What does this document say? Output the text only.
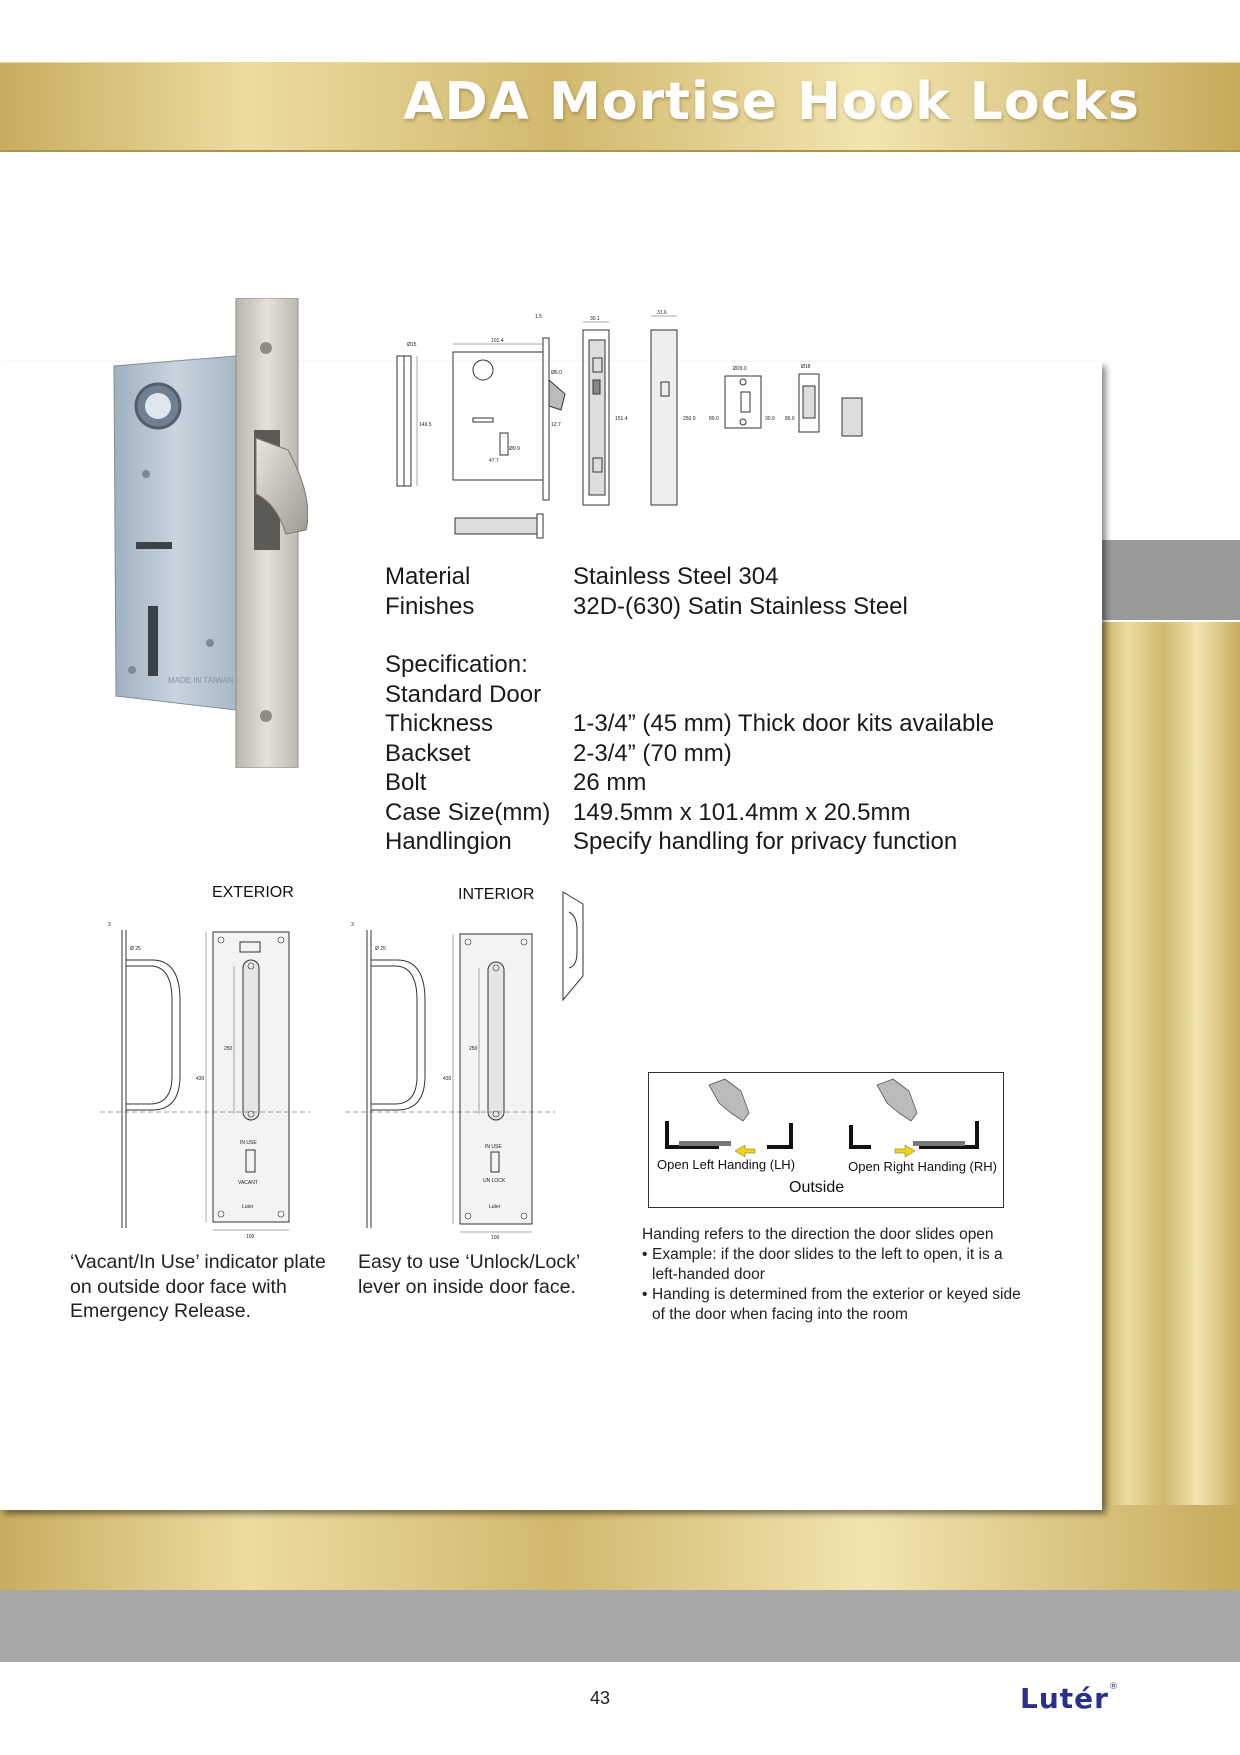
ADA Mortise Hook Locks
MADE IN TAIWAN
Ø15
101.4
1.5
Ø6.0
30.1
31.6
149.5	12.7
Ø9.9
47.7
151.4	250.9	89.0
Ø29.0	Ø18
30.9 86.6
Material	Stainless Steel 304
Finishes	32D-(630) Satin Stainless Steel
Specification:
Standard Door
Thickness	1-3/4” (45 mm) Thick door kits available
Backset	2-3/4” (70 mm)
Bolt	26 mm
Case Size(mm) 149.5mm x 101.4mm x 20.5mm
Handlingion	Specify handling for privacy function
EXTERIOR
3
Ø 25
430
250
IN USE
VACANT
Luter
100
INTERIOR
3
Ø 25
430
250
IN USE
UN LOCK
Luter
100
‘Vacant/In Use’ indicator plate on outside door face with Emergency Release.
Easy to use ‘Unlock/Lock’ lever on inside door face.
Open Left Handing (LH)	Open Right Handing (RH)
Outside
Handing refers to the direction the door slides open
• Example: if the door slides to the left to open, it is a left-handed door
• Handing is determined from the exterior or keyed side of the door when facing into the room
43	Lutér®
